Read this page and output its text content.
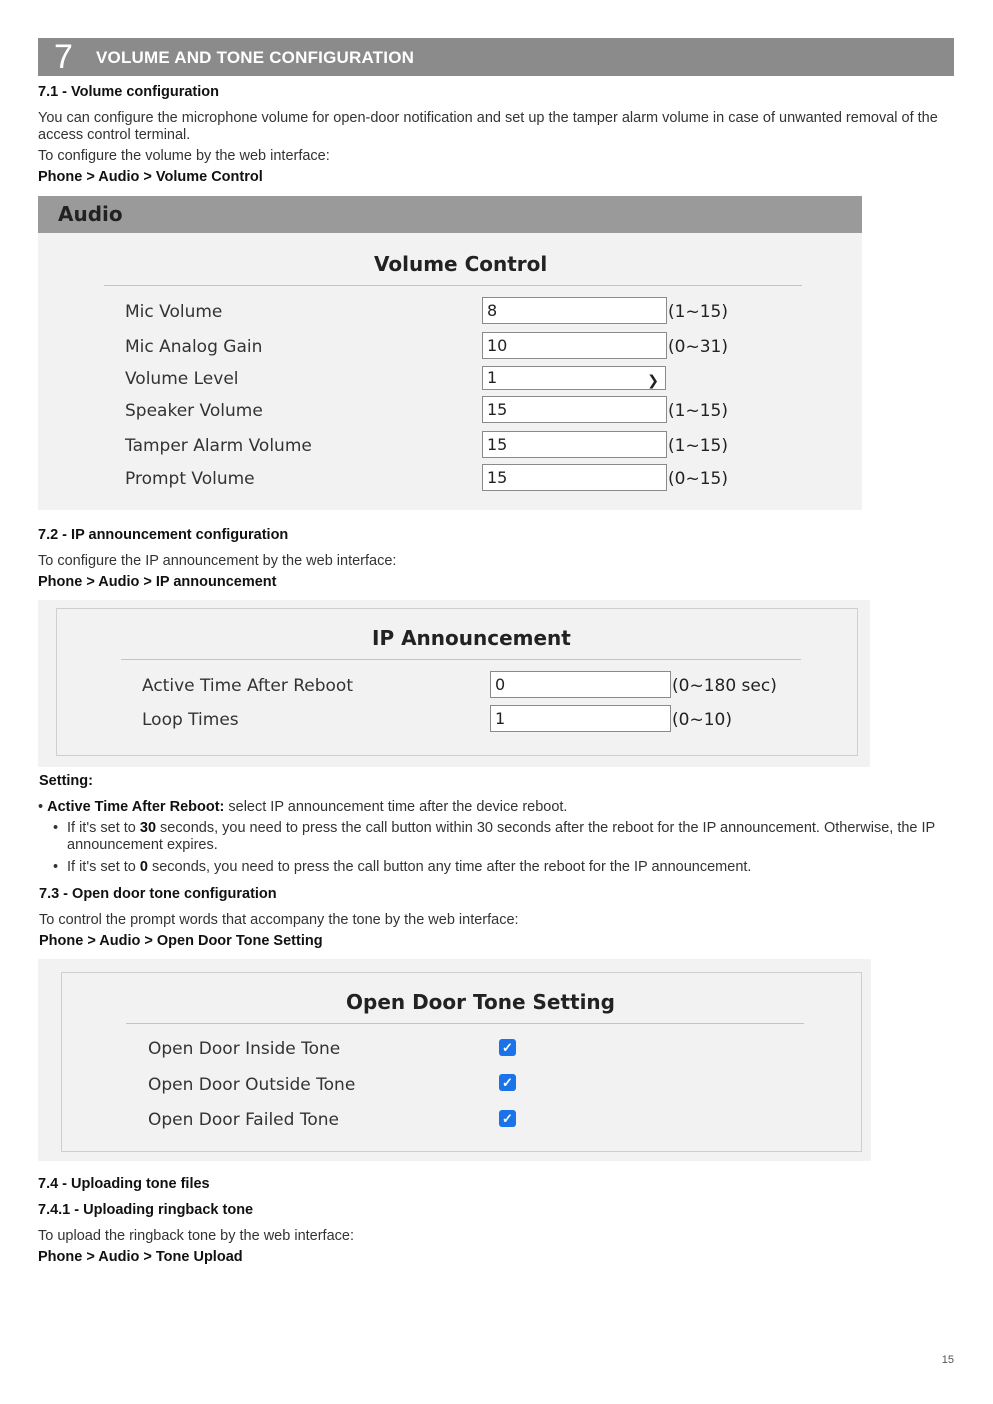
7 VOLUME AND TONE CONFIGURATION
7.1 - Volume configuration
You can configure the microphone volume for open-door notification and set up the tamper alarm volume in case of unwanted removal of the access control terminal.
To configure the volume by the web interface:
Phone > Audio > Volume Control
Audio
Volume Control
Mic Volume	8	(1~15)
Mic Analog Gain	10	(0~31)
Volume Level	1	❯
Speaker Volume	15	(1~15)
Tamper Alarm Volume	15	(1~15)
Prompt Volume	15	(0~15)
7.2 - IP announcement configuration
To configure the IP announcement by the web interface:
Phone > Audio > IP announcement
IP Announcement
Active Time After Reboot	0	(0~180 sec)
Loop Times	1	(0~10)
Setting:
• Active Time After Reboot: select IP announcement time after the device reboot.
• If it's set to 30 seconds, you need to press the call button within 30 seconds after the reboot for the IP announcement. Otherwise, the IP announcement expires.
• If it's set to 0 seconds, you need to press the call button any time after the reboot for the IP announcement.
7.3 - Open door tone configuration
To control the prompt words that accompany the tone by the web interface:
Phone > Audio > Open Door Tone Setting
Open Door Tone Setting
Open Door Inside Tone	✓
Open Door Outside Tone	✓
Open Door Failed Tone	✓
7.4 - Uploading tone files
7.4.1 - Uploading ringback tone
To upload the ringback tone by the web interface:
Phone > Audio > Tone Upload
15
